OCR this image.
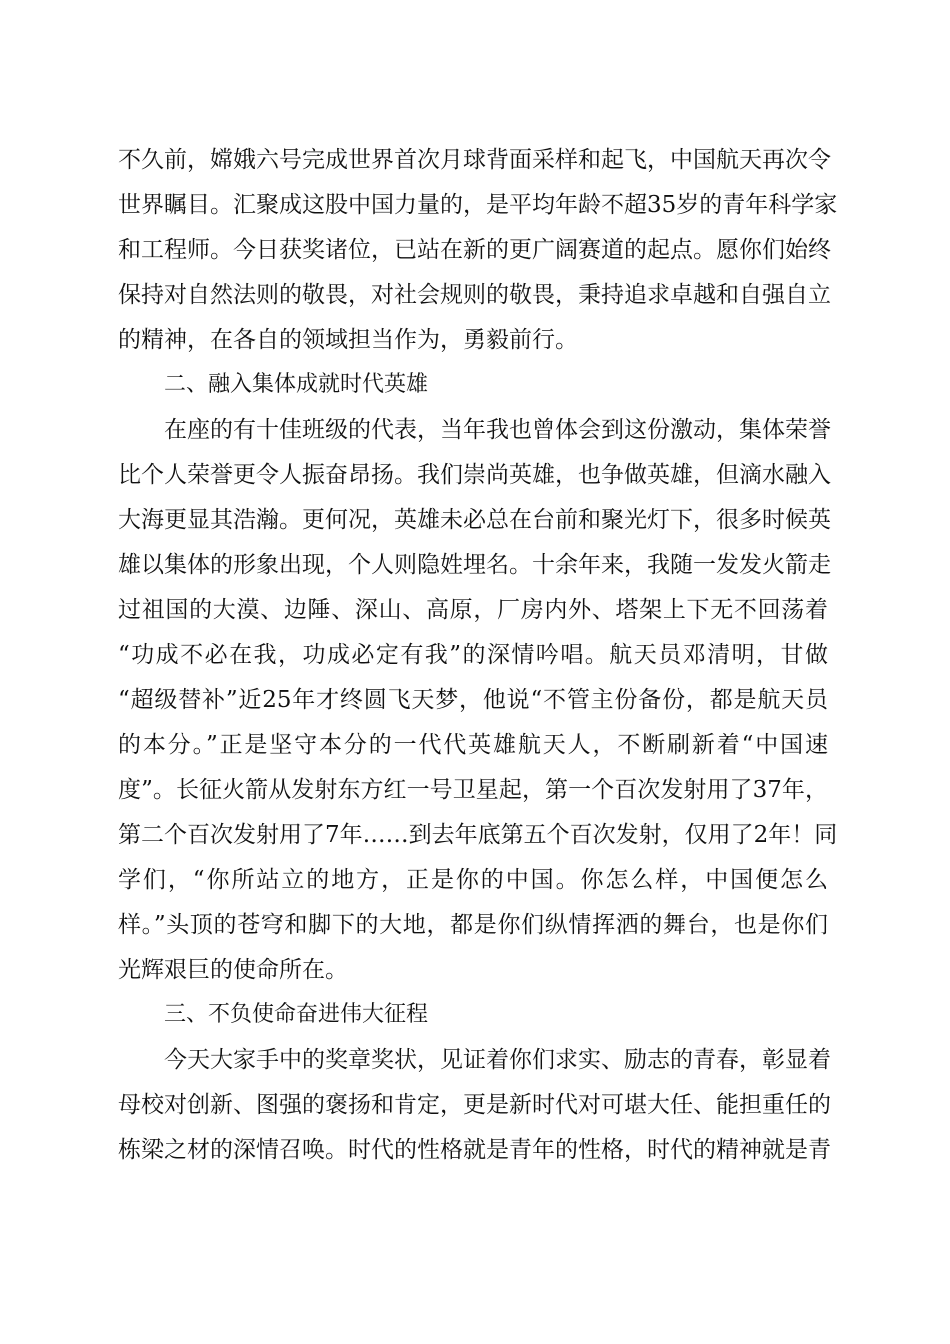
不久前，嫦娥六号完成世界首次月球背面采样和起飞，中国航天再次令
世界瞩目。汇聚成这股中国力量的，是平均年龄不超35岁的青年科学家
和工程师。今日获奖诸位，已站在新的更广阔赛道的起点。愿你们始终
保持对自然法则的敬畏，对社会规则的敬畏，秉持追求卓越和自强自立
的精神，在各自的领域担当作为，勇毅前行。
二、融入集体成就时代英雄
在座的有十佳班级的代表，当年我也曾体会到这份激动，集体荣誉
比个人荣誉更令人振奋昂扬。我们崇尚英雄，也争做英雄，但滴水融入
大海更显其浩瀚。更何况，英雄未必总在台前和聚光灯下，很多时候英
雄以集体的形象出现，个人则隐姓埋名。十余年来，我随一发发火箭走
过祖国的大漠、边陲、深山、高原，厂房内外、塔架上下无不回荡着
“功成不必在我，功成必定有我”的深情吟唱。航天员邓清明，甘做
“超级替补”近25年才终圆飞天梦，他说“不管主份备份，都是航天员
的本分。”正是坚守本分的一代代英雄航天人，不断刷新着“中国速
度”。长征火箭从发射东方红一号卫星起，第一个百次发射用了37年，
第二个百次发射用了7年……到去年底第五个百次发射，仅用了2年！同
学们，“你所站立的地方，正是你的中国。你怎么样，中国便怎么
样。”头顶的苍穹和脚下的大地，都是你们纵情挥洒的舞台，也是你们
光辉艰巨的使命所在。
三、不负使命奋进伟大征程
今天大家手中的奖章奖状，见证着你们求实、励志的青春，彰显着
母校对创新、图强的褒扬和肯定，更是新时代对可堪大任、能担重任的
栋梁之材的深情召唤。时代的性格就是青年的性格，时代的精神就是青
